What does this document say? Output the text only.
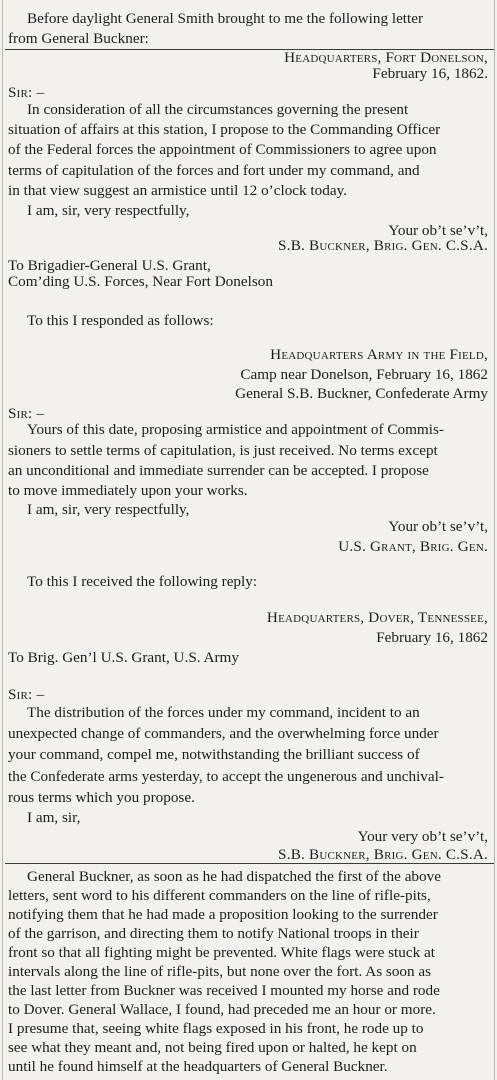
Before daylight General Smith brought to me the following letter
from General Buckner:
Headquarters, Fort Donelson,
February 16, 1862.
Sir: –
In consideration of all the circumstances governing the present
situation of affairs at this station, I propose to the Commanding Officer
of the Federal forces the appointment of Commissioners to agree upon
terms of capitulation of the forces and fort under my command, and
in that view suggest an armistice until 12 o’clock today.
I am, sir, very respectfully,
Your ob’t se’v’t,
S.B. Buckner, Brig. Gen. C.S.A.
To Brigadier-General U.S. Grant,
Com’ding U.S. Forces, Near Fort Donelson
To this I responded as follows:
Headquarters Army in the Field,
Camp near Donelson, February 16, 1862
General S.B. Buckner, Confederate Army
Sir: –
Yours of this date, proposing armistice and appointment of Commis-
sioners to settle terms of capitulation, is just received. No terms except
an unconditional and immediate surrender can be accepted. I propose
to move immediately upon your works.
I am, sir, very respectfully,
Your ob’t se’v’t,
U.S. Grant, Brig. Gen.
To this I received the following reply:
Headquarters, Dover, Tennessee,
February 16, 1862
To Brig. Gen’l U.S. Grant, U.S. Army
Sir: –
The distribution of the forces under my command, incident to an
unexpected change of commanders, and the overwhelming force under
your command, compel me, notwithstanding the brilliant success of
the Confederate arms yesterday, to accept the ungenerous and unchival-
rous terms which you propose.
I am, sir,
Your very ob’t se’v’t,
S.B. Buckner, Brig. Gen. C.S.A.
General Buckner, as soon as he had dispatched the first of the above
letters, sent word to his different commanders on the line of rifle-pits,
notifying them that he had made a proposition looking to the surrender
of the garrison, and directing them to notify National troops in their
front so that all fighting might be prevented. White flags were stuck at
intervals along the line of rifle-pits, but none over the fort. As soon as
the last letter from Buckner was received I mounted my horse and rode
to Dover. General Wallace, I found, had preceded me an hour or more.
I presume that, seeing white flags exposed in his front, he rode up to
see what they meant and, not being fired upon or halted, he kept on
until he found himself at the headquarters of General Buckner.
